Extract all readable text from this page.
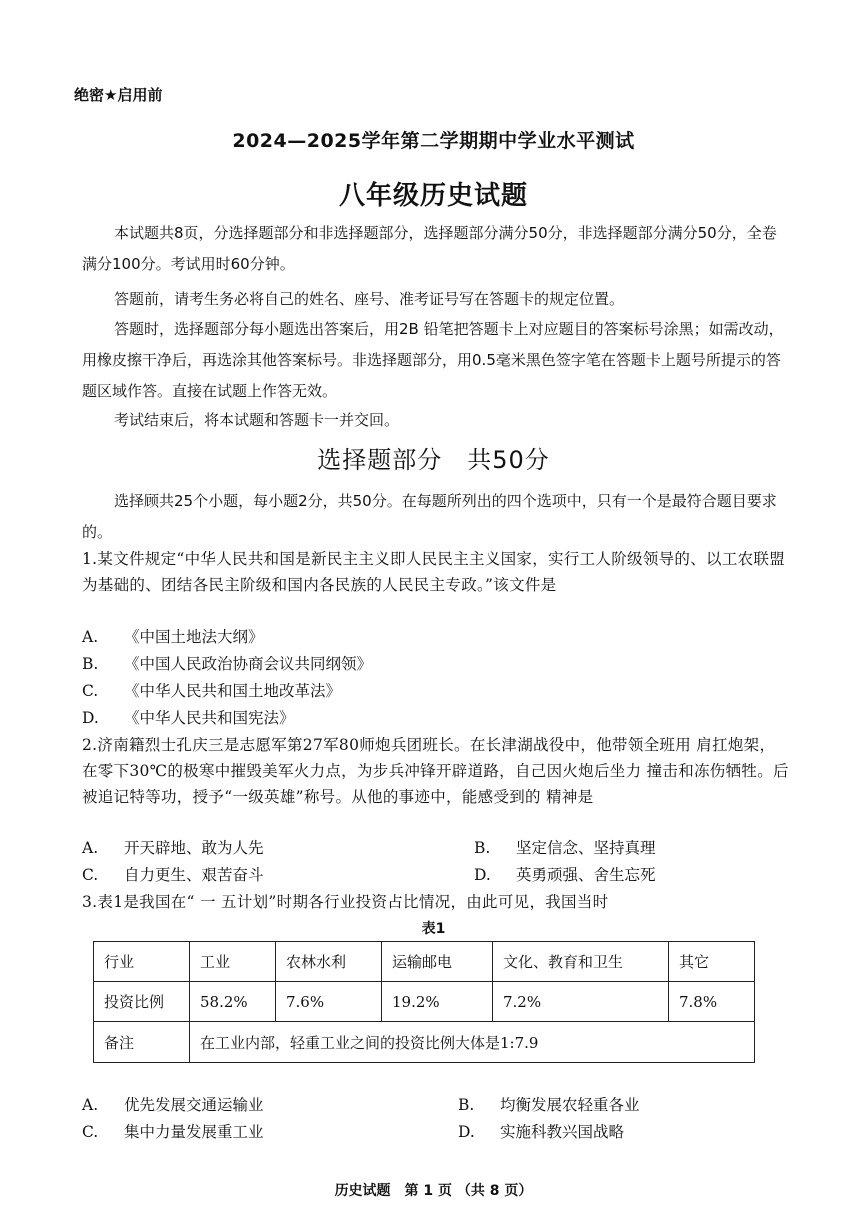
绝密★启用前
2024—2025学年第二学期期中学业水平测试
八年级历史试题
本试题共8页，分选择题部分和非选择题部分，选择题部分满分50分，非选择题部分满分50分，全卷满分100分。考试用时60分钟。
答题前，请考生务必将自己的姓名、座号、准考证号写在答题卡的规定位置。
答题时，选择题部分每小题选出答案后，用2B 铅笔把答题卡上对应题目的答案标号涂黑；如需改动，用橡皮擦干净后，再选涂其他答案标号。非选择题部分，用0.5毫米黑色签字笔在答题卡上题号所提示的答题区域作答。直接在试题上作答无效。
考试结束后，将本试题和答题卡一并交回。
选择题部分　共50分
选择顾共25个小题，每小题2分，共50分。在每题所列出的四个选项中，只有一个是最符合题目要求的。
1.某文件规定“中华人民共和国是新民主主义即人民民主主义国家，实行工人阶级领导的、以工农联盟为基础的、团结各民主阶级和国内各民族的人民民主专政。”该文件是
A. 《中国土地法大纲》
B. 《中国人民政治协商会议共同纲领》
C. 《中华人民共和国土地改革法》
D. 《中华人民共和国宪法》
2.济南籍烈士孔庆三是志愿军第27军80师炮兵团班长。在长津湖战役中，他带领全班用 肩扛炮架，在零下30℃的极寒中摧毁美军火力点，为步兵冲锋开辟道路，自己因火炮后坐力 撞击和冻伤牺牲。后被追记特等功，授予“一级英雄”称号。从他的事迹中，能感受到的 精神是
A. 开天辟地、敢为人先	B. 坚定信念、坚持真理
C. 自力更生、艰苦奋斗	D. 英勇顽强、舍生忘死
3.表1是我国在“ 一 五计划”时期各行业投资占比情况，由此可见，我国当时
表1
行业	工业	农林水利	运输邮电	文化、教育和卫生	其它
投资比例	58.2%	7.6%	19.2%	7.2%	7.8%
备注	在工业内部，轻重工业之间的投资比例大体是1:7.9				
A. 优先发展交通运输业	B. 均衡发展农轻重各业
C. 集中力量发展重工业	D. 实施科教兴国战略
历史试题　第 1 页 （共 8 页）
